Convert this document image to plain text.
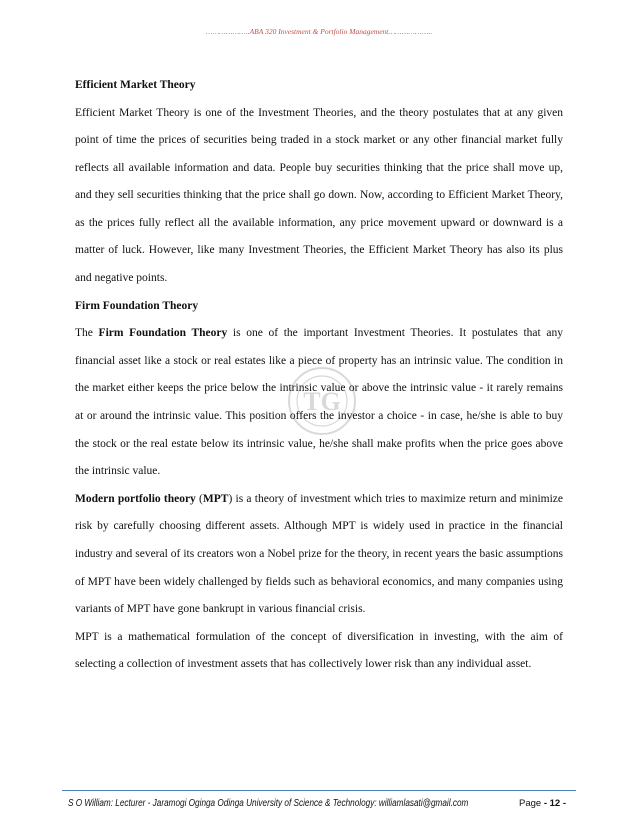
………………..ABA 320 Investment & Portfolio Management………………..
TG

Efficient Market Theory

Efficient Market Theory is one of the Investment Theories, and the theory postulates that at any given point of time the prices of securities being traded in a stock market or any other financial market fully reflects all available information and data. People buy securities thinking that the price shall move up, and they sell securities thinking that the price shall go down. Now, according to Efficient Market Theory, as the prices fully reflect all the available information, any price movement upward or downward is a matter of luck. However, like many Investment Theories, the Efficient Market Theory has also its plus and negative points.

Firm Foundation Theory

The Firm Foundation Theory is one of the important Investment Theories. It postulates that any financial asset like a stock or real estates like a piece of property has an intrinsic value. The condition in the market either keeps the price below the intrinsic value or above the intrinsic value - it rarely remains at or around the intrinsic value. This position offers the investor a choice - in case, he/she is able to buy the stock or the real estate below its intrinsic value, he/she shall make profits when the price goes above the intrinsic value.

Modern portfolio theory (MPT) is a theory of investment which tries to maximize return and minimize risk by carefully choosing different assets. Although MPT is widely used in practice in the financial industry and several of its creators won a Nobel prize for the theory, in recent years the basic assumptions of MPT have been widely challenged by fields such as behavioral economics, and many companies using variants of MPT have gone bankrupt in various financial crisis.

MPT is a mathematical formulation of the concept of diversification in investing, with the aim of selecting a collection of investment assets that has collectively lower risk than any individual asset.

S O William: Lecturer - Jaramogi Oginga Odinga University of Science & Technology: williamlasati@gmail.com	Page - 12 -
